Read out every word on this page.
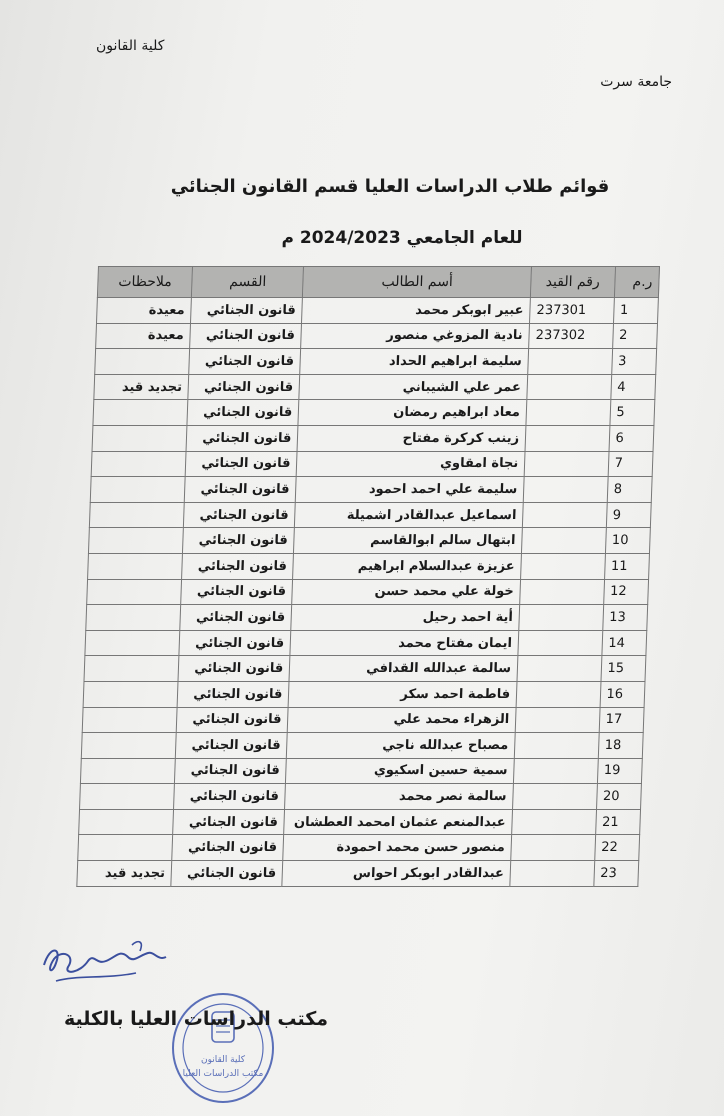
كلية القانون
جامعة سرت
قوائم طلاب الدراسات العليا قسم القانون الجنائي
للعام الجامعي 2024/2023 م
ر.م	رقم القيد	أسم الطالب	القسم	ملاحظات
1	237301	عبير ابوبكر محمد	قانون الجنائي	معيدة
2	237302	نادية المزوغي منصور	قانون الجنائي	معيدة
3		سليمة ابراهيم الحداد	قانون الجنائي	
4		عمر علي الشيباني	قانون الجنائي	تجديد قيد
5		معاد ابراهيم رمضان	قانون الجنائي	
6		زينب كركرة مفتاح	قانون الجنائي	
7		نجاة امقاوي	قانون الجنائي	
8		سليمة علي احمد احمود	قانون الجنائي	
9		اسماعيل عبدالقادر اشميلة	قانون الجنائي	
10		ابتهال سالم ابوالقاسم	قانون الجنائي	
11		عزيزة عبدالسلام ابراهيم	قانون الجنائي	
12		خولة علي محمد حسن	قانون الجنائي	
13		أية احمد رحيل	قانون الجنائي	
14		ايمان مفتاح محمد	قانون الجنائي	
15		سالمة عبدالله القدافي	قانون الجنائي	
16		فاطمة احمد سكر	قانون الجنائي	
17		الزهراء محمد علي	قانون الجنائي	
18		مصباح عبدالله ناجي	قانون الجنائي	
19		سمية حسين اسكيوي	قانون الجنائي	
20		سالمة نصر محمد	قانون الجنائي	
21		عبدالمنعم عثمان امحمد العطشان	قانون الجنائي	
22		منصور حسن محمد احمودة	قانون الجنائي	
23		عبدالقادر ابوبكر احواس	قانون الجنائي	تجديد قيد
كلية القانون
مكتب الدراسات العليا
مكتب الدراسات العليا بالكلية
